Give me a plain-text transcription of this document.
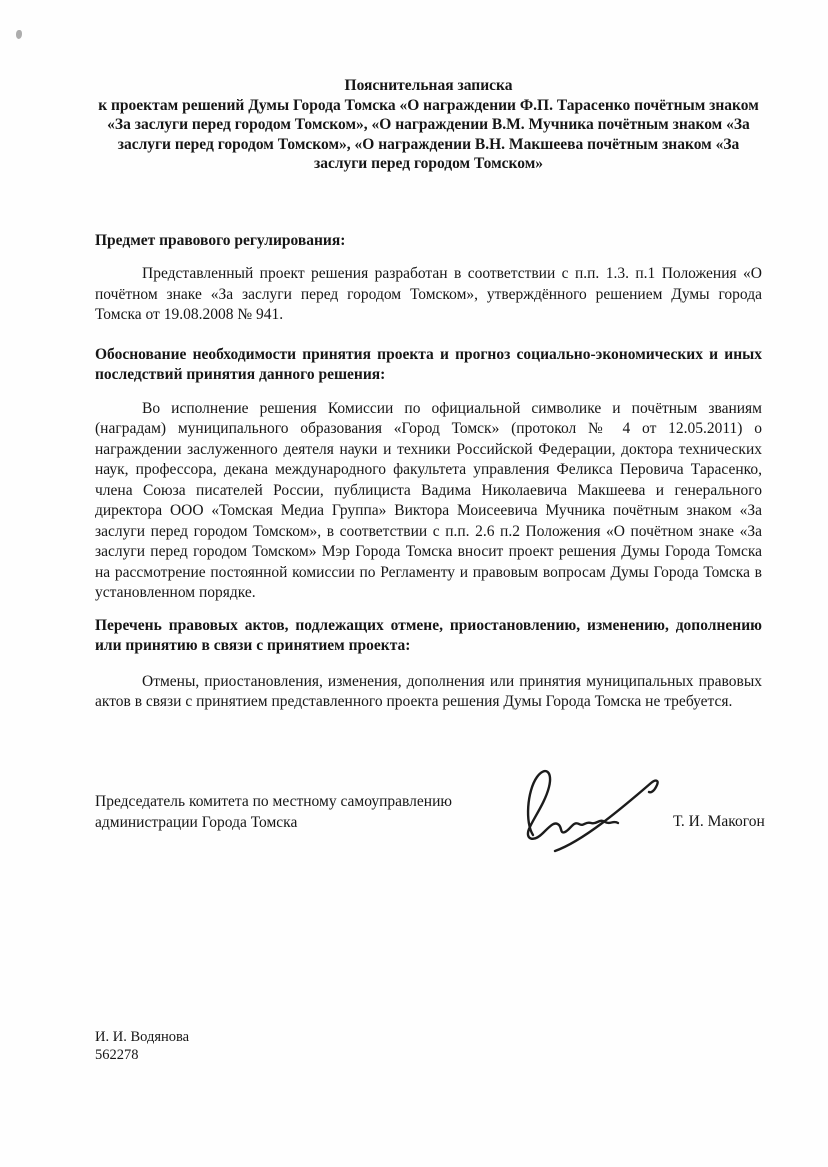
Пояснительная записка
к проектам решений Думы Города Томска «О награждении Ф.П. Тарасенко почётным знаком «За заслуги перед городом Томском», «О награждении В.М. Мучника почётным знаком «За заслуги перед городом Томском», «О награждении В.Н. Макшеева почётным знаком «За заслуги перед городом Томском»
Предмет правового регулирования:

Представленный проект решения разработан в соответствии с п.п. 1.3. п.1 Положения «О почётном знаке «За заслуги перед городом Томском», утверждённого решением Думы города Томска от 19.08.2008 № 941.

Обоснование необходимости принятия проекта и прогноз социально-экономических и иных последствий принятия данного решения:

Во исполнение решения Комиссии по официальной символике и почётным званиям (наградам) муниципального образования «Город Томск» (протокол № 4 от 12.05.2011) о награждении заслуженного деятеля науки и техники Российской Федерации, доктора технических наук, профессора, декана международного факультета управления Феликса Перовича Тарасенко, члена Союза писателей России, публициста Вадима Николаевича Макшеева и генерального директора ООО «Томская Медиа Группа» Виктора Моисеевича Мучника почётным знаком «За заслуги перед городом Томском», в соответствии с п.п. 2.6 п.2 Положения «О почётном знаке «За заслуги перед городом Томском» Мэр Города Томска вносит проект решения Думы Города Томска на рассмотрение постоянной комиссии по Регламенту и правовым вопросам Думы Города Томска в установленном порядке.

Перечень правовых актов, подлежащих отмене, приостановлению, изменению, дополнению или принятию в связи с принятием проекта:

Отмены, приостановления, изменения, дополнения или принятия муниципальных правовых актов в связи с принятием представленного проекта решения Думы Города Томска не требуется.

Председатель комитета по местному самоуправлению
администрации Города Томска	Т. И. Макогон
И. И. Водянова
562278
